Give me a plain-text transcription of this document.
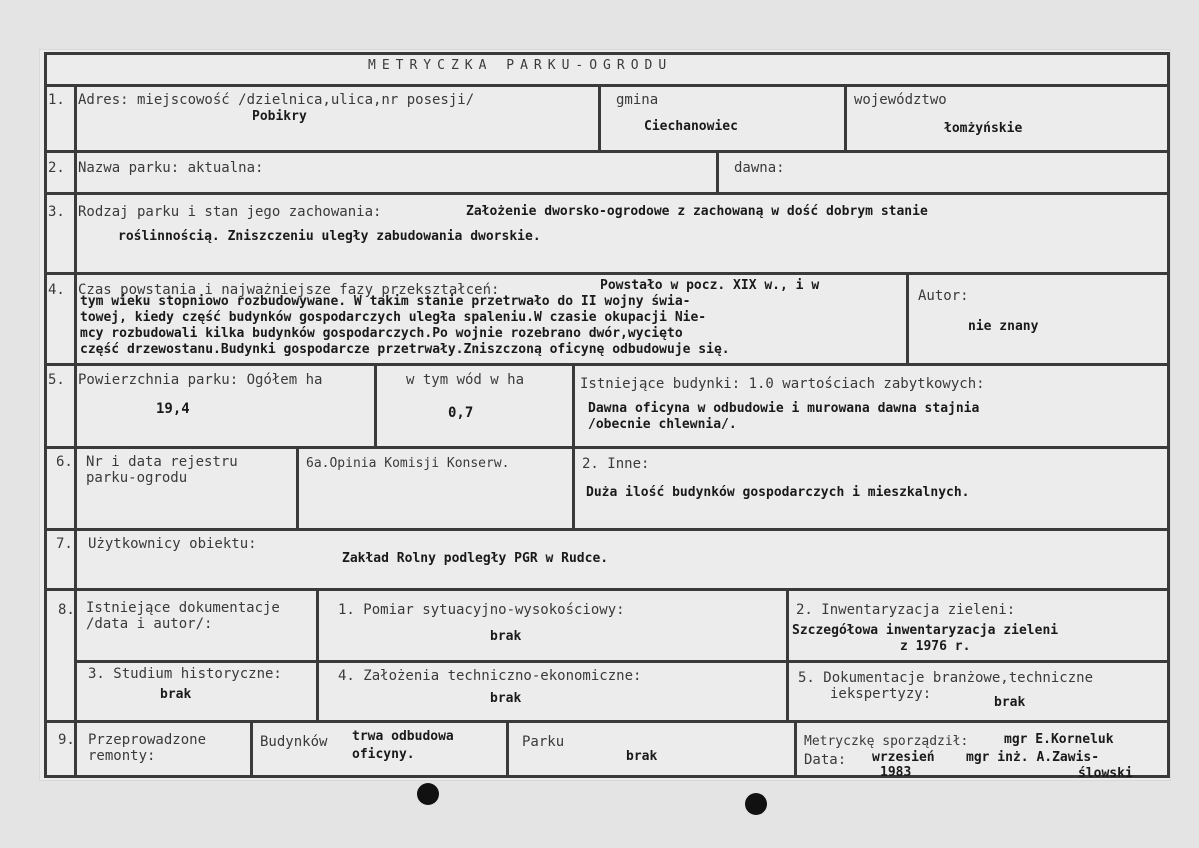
METRYCZKA PARKU-OGRODU
1. Adres: miejscowość /dzielnica,ulica,nr posesji/
Pobikry
gmina
Ciechanowiec
województwo
łomżyńskie
2. Nazwa parku: aktualna:	dawna:
3. Rodzaj parku i stan jego zachowania:	Założenie dworsko-ogrodowe z zachowaną w dość dobrym stanie
roślinnością. Zniszczeniu uległy zabudowania dworskie.
4. Czas powstania i najważniejsze fazy przekształceń:	Powstało w pocz. XIX w., i w
tym wieku stopniowo rozbudowywane. W takim stanie przetrwało do II wojny świa-
towej, kiedy część budynków gospodarczych uległa spaleniu.W czasie okupacji Nie-
mcy rozbudowali kilka budynków gospodarczych.Po wojnie rozebrano dwór,wycięto
część drzewostanu.Budynki gospodarcze przetrwały.Zniszczoną oficynę odbudowuje się.
Autor:
nie znany
5. Powierzchnia parku: Ogółem ha
19,4
w tym wód w ha
0,7
Istniejące budynki: 1.0 wartościach zabytkowych:
Dawna oficyna w odbudowie i murowana dawna stajnia
/obecnie chlewnia/.
6. Nr i data rejestru
parku-ogrodu
6a.Opinia Komisji Konserw.	2. Inne:
Duża ilość budynków gospodarczych i mieszkalnych.
7. Użytkownicy obiektu:
Zakład Rolny podległy PGR w Rudce.
8. Istniejące dokumentacje
/data i autor/:
1. Pomiar sytuacyjno-wysokościowy:
brak
2. Inwentaryzacja zieleni:
Szczegółowa inwentaryzacja zieleni
z 1976 r.
3. Studium historyczne:
brak
4. Założenia techniczno-ekonomiczne:
brak
5. Dokumentacje branżowe,techniczne
iekspertyzy:
brak
9. Przeprowadzone
remonty:
Budynków trwa odbudowa
oficyny.
Parku
brak
Metryczkę sporządził:	mgr E.Korneluk
Data: wrzesień
1983
mgr inż. A.Zawis-
ślowski
